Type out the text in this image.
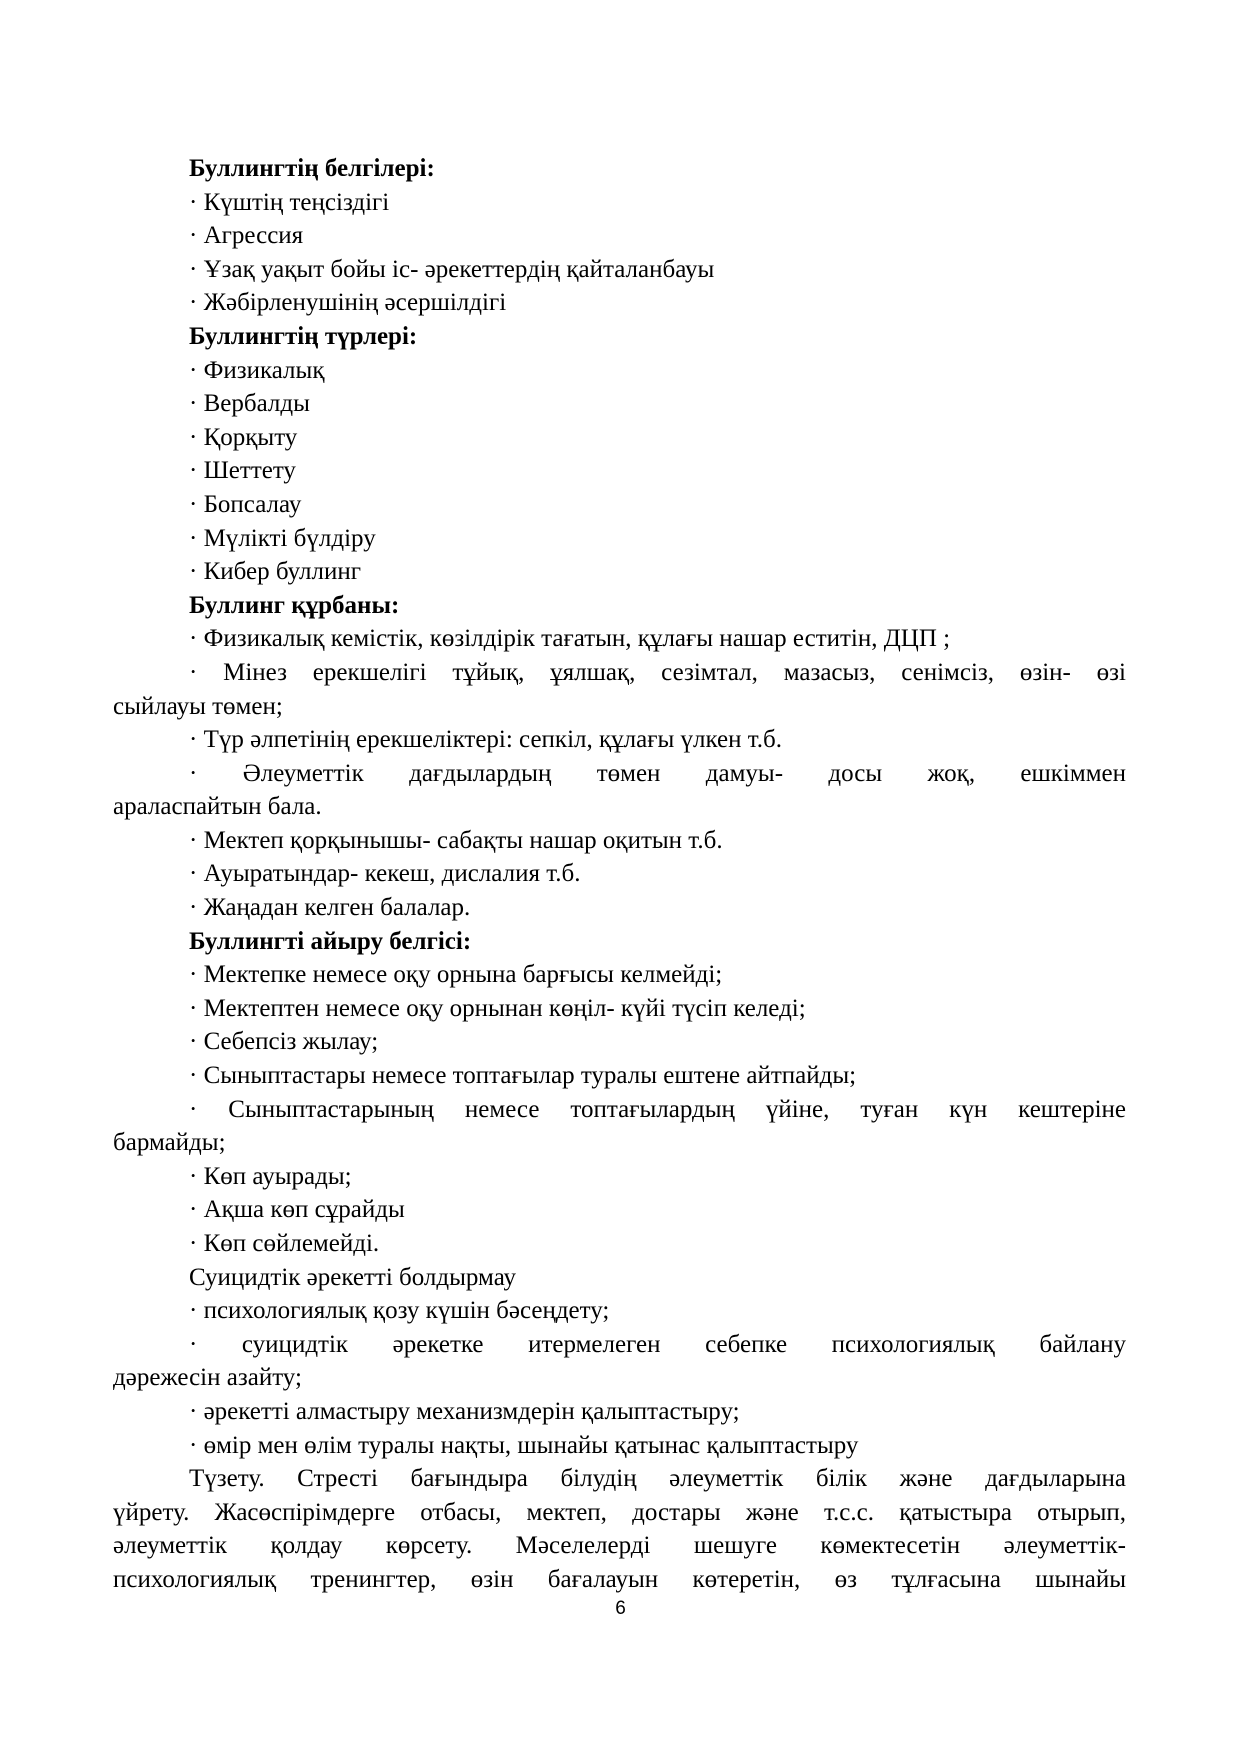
Буллингтің белгілері:
· Күштің теңсіздігі
· Агрессия
· Ұзақ уақыт бойы іс- әрекеттердің қайталанбауы
· Жәбірленушінің әсершілдігі
Буллингтің түрлері:
· Физикалық
· Вербалды
· Қорқыту
· Шеттету
· Бопсалау
· Мүлікті бүлдіру
· Кибер буллинг
Буллинг құрбаны:
· Физикалық кемістік, көзілдірік тағатын, құлағы нашар еститін, ДЦП ;
· Мінез ерекшелігі тұйық, ұялшақ, сезімтал, мазасыз, сенімсіз, өзін- өзі
сыйлауы төмен;
· Түр әлпетінің ерекшеліктері: сепкіл, құлағы үлкен т.б.
· Әлеуметтік дағдылардың төмен дамуы- досы жоқ, ешкіммен
араласпайтын бала.
· Мектеп қорқынышы- сабақты нашар оқитын т.б.
· Ауыратындар- кекеш, дислалия т.б.
· Жаңадан келген балалар.
Буллингті айыру белгісі:
· Мектепке немесе оқу орнына барғысы келмейді;
· Мектептен немесе оқу орнынан көңіл- күйі түсіп келеді;
· Себепсіз жылау;
· Сыныптастары немесе топтағылар туралы ештене айтпайды;
· Сыныптастарының немесе топтағылардың үйіне, туған күн кештеріне
бармайды;
· Көп ауырады;
· Ақша көп сұрайды
· Көп сөйлемейді.
Суицидтік әрекетті болдырмау
· психологиялық қозу күшін бәсеңдету;
· суицидтік әрекетке итермелеген себепке психологиялық байлану
дәрежесін азайту;
· әрекетті алмастыру механизмдерін қалыптастыру;
· өмір мен өлім туралы нақты, шынайы қатынас қалыптастыру
Түзету. Стресті бағындыра білудің әлеуметтік білік және дағдыларына
үйрету. Жасөспірімдерге отбасы, мектеп, достары және т.с.с. қатыстыра отырып,
әлеуметтік қолдау көрсету. Мәселелерді шешуге көмектесетін әлеуметтік-
психологиялық тренингтер, өзін бағалауын көтеретін, өз тұлғасына шынайы
6
